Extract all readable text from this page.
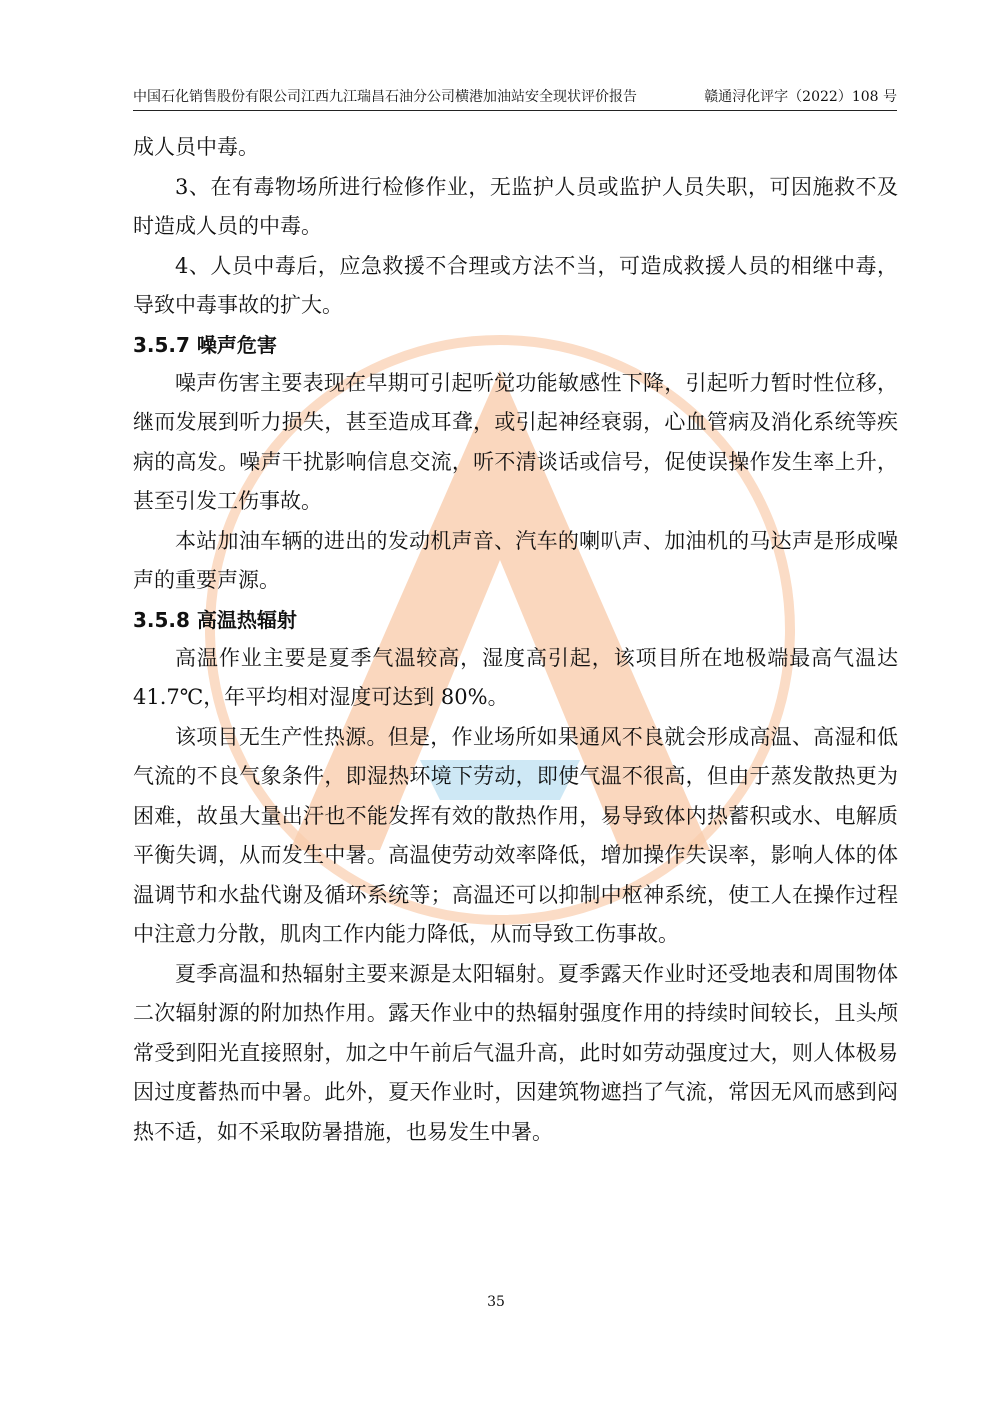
中国石化销售股份有限公司江西九江瑞昌石油分公司横港加油站安全现状评价报告	赣通浔化评字（2022）108 号

成人员中毒。

3、在有毒物场所进行检修作业，无监护人员或监护人员失职，可因施救不及时造成人员的中毒。

4、人员中毒后，应急救援不合理或方法不当，可造成救援人员的相继中毒，导致中毒事故的扩大。

3.5.7 噪声危害

噪声伤害主要表现在早期可引起听觉功能敏感性下降，引起听力暂时性位移，继而发展到听力损失，甚至造成耳聋，或引起神经衰弱，心血管病及消化系统等疾病的高发。噪声干扰影响信息交流，听不清谈话或信号，促使误操作发生率上升，甚至引发工伤事故。

本站加油车辆的进出的发动机声音、汽车的喇叭声、加油机的马达声是形成噪声的重要声源。

3.5.8 高温热辐射

高温作业主要是夏季气温较高，湿度高引起，该项目所在地极端最高气温达 41.7℃，年平均相对湿度可达到 80%。

该项目无生产性热源。但是，作业场所如果通风不良就会形成高温、高湿和低气流的不良气象条件，即湿热环境下劳动，即使气温不很高，但由于蒸发散热更为困难，故虽大量出汗也不能发挥有效的散热作用，易导致体内热蓄积或水、电解质平衡失调，从而发生中暑。高温使劳动效率降低，增加操作失误率，影响人体的体温调节和水盐代谢及循环系统等；高温还可以抑制中枢神系统，使工人在操作过程中注意力分散，肌肉工作内能力降低，从而导致工伤事故。

夏季高温和热辐射主要来源是太阳辐射。夏季露天作业时还受地表和周围物体二次辐射源的附加热作用。露天作业中的热辐射强度作用的持续时间较长，且头颅常受到阳光直接照射，加之中午前后气温升高，此时如劳动强度过大，则人体极易因过度蓄热而中暑。此外，夏天作业时，因建筑物遮挡了气流，常因无风而感到闷热不适，如不采取防暑措施，也易发生中暑。

35
